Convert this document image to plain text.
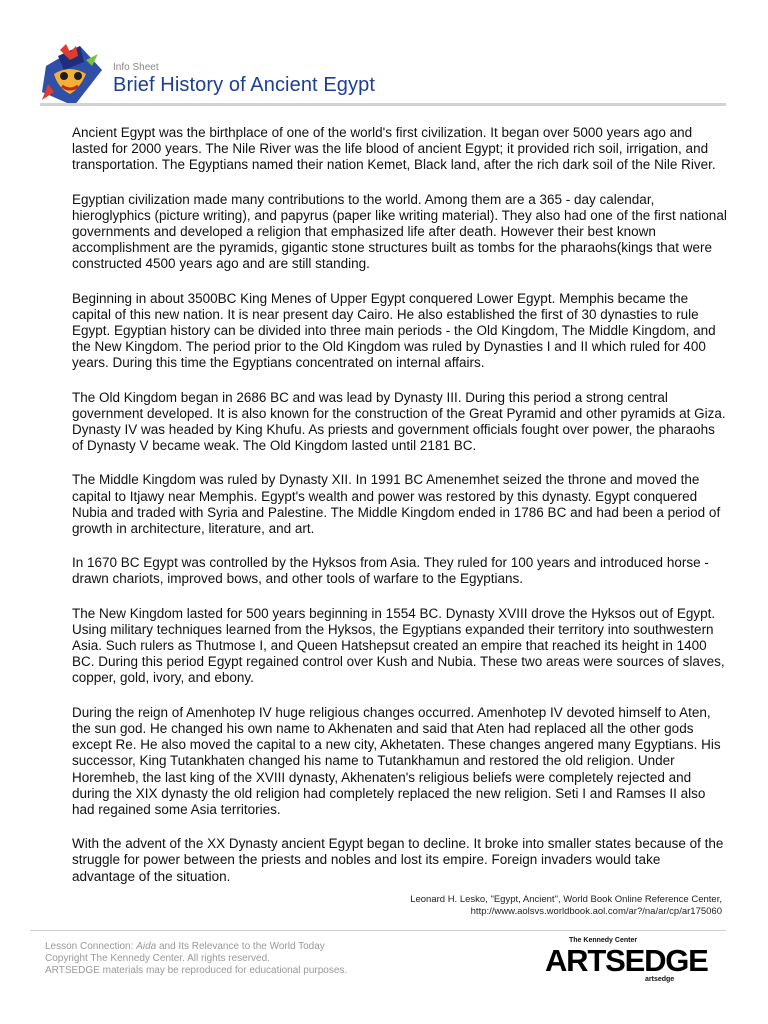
Info Sheet
Brief History of Ancient Egypt

Ancient Egypt was the birthplace of one of the world's first civilization. It began over 5000 years ago and lasted for 2000 years. The Nile River was the life blood of ancient Egypt; it provided rich soil, irrigation, and transportation. The Egyptians named their nation Kemet, Black land, after the rich dark soil of the Nile River.

Egyptian civilization made many contributions to the world. Among them are a 365 - day calendar, hieroglyphics (picture writing), and papyrus (paper like writing material). They also had one of the first national governments and developed a religion that emphasized life after death. However their best known accomplishment are the pyramids, gigantic stone structures built as tombs for the pharaohs(kings that were constructed 4500 years ago and are still standing.

Beginning in about 3500BC King Menes of Upper Egypt conquered Lower Egypt. Memphis became the capital of this new nation. It is near present day Cairo. He also established the first of 30 dynasties to rule Egypt. Egyptian history can be divided into three main periods - the Old Kingdom, The Middle Kingdom, and the New Kingdom. The period prior to the Old Kingdom was ruled by Dynasties I and II which ruled for 400 years. During this time the Egyptians concentrated on internal affairs.

The Old Kingdom began in 2686 BC and was lead by Dynasty III. During this period a strong central government developed. It is also known for the construction of the Great Pyramid and other pyramids at Giza. Dynasty IV was headed by King Khufu. As priests and government officials fought over power, the pharaohs of Dynasty V became weak. The Old Kingdom lasted until 2181 BC.

The Middle Kingdom was ruled by Dynasty XII. In 1991 BC Amenemhet seized the throne and moved the capital to Itjawy near Memphis. Egypt's wealth and power was restored by this dynasty. Egypt conquered Nubia and traded with Syria and Palestine. The Middle Kingdom ended in 1786 BC and had been a period of growth in architecture, literature, and art.

In 1670 BC Egypt was controlled by the Hyksos from Asia. They ruled for 100 years and introduced horse - drawn chariots, improved bows, and other tools of warfare to the Egyptians.

The New Kingdom lasted for 500 years beginning in 1554 BC. Dynasty XVIII drove the Hyksos out of Egypt. Using military techniques learned from the Hyksos, the Egyptians expanded their territory into southwestern Asia. Such rulers as Thutmose I, and Queen Hatshepsut created an empire that reached its height in 1400 BC. During this period Egypt regained control over Kush and Nubia. These two areas were sources of slaves, copper, gold, ivory, and ebony.

During the reign of Amenhotep IV huge religious changes occurred. Amenhotep IV devoted himself to Aten, the sun god. He changed his own name to Akhenaten and said that Aten had replaced all the other gods except Re. He also moved the capital to a new city, Akhetaten. These changes angered many Egyptians. His successor, King Tutankhaten changed his name to Tutankhamun and restored the old religion. Under Horemheb, the last king of the XVIII dynasty, Akhenaten's religious beliefs were completely rejected and during the XIX dynasty the old religion had completely replaced the new religion. Seti I and Ramses II also had regained some Asia territories.

With the advent of the XX Dynasty ancient Egypt began to decline. It broke into smaller states because of the struggle for power between the priests and nobles and lost its empire. Foreign invaders would take advantage of the situation.

Leonard H. Lesko, "Egypt, Ancient", World Book Online Reference Center,
http://www.aolsvs.worldbook.aol.com/ar?/na/ar/cp/ar175060
Lesson Connection: Aida and Its Relevance to the World Today
Copyright The Kennedy Center. All rights reserved.
ARTSEDGE materials may be reproduced for educational purposes.
The Kennedy Center
ARTSEDGE
artsedge
